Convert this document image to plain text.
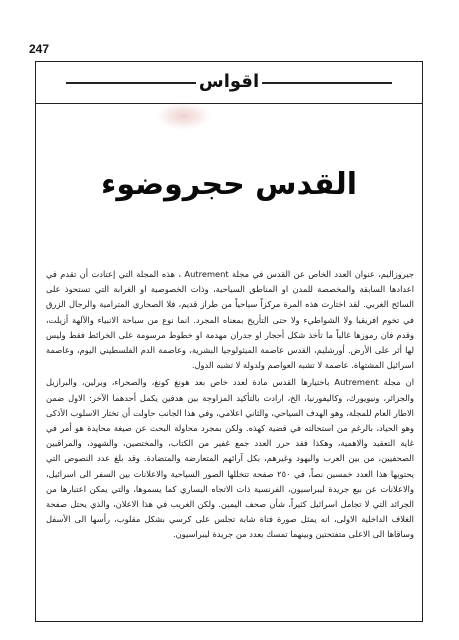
247
اقواس
القدس حجروضوء

جيروزاليم، عنوان العدد الخاص عن القدس في مجلة Autrement ، هذه المجلة التي إعتادت أن تقدم في اعدادها السابقة والمخصصة للمدن او المناطق السياحية، وذات الخصوصية او الغرابة التي تستحوذ على السائح الغربي. لقد اختارت هذه المرة مركزاً سياحياً من طراز قديم، فلا الصحاري المترامية والرجال الزرق في تخوم افريقيا ولا الشواطيء ولا حتى التأريخ بمعناه المجرد. انما نوع من سياحة الانبياء والآلهة أزيلت، وقدم فان رموزها غالباً ما تأخذ شكل أحجار او جدران مهدمة او خطوط مرسومة على الخرائط فقط وليس لها أثر على الأرض. أورشليم، القدس عاصمة الميثولوجيا البشرية، وعاصمة الدم الفلسطيني اليوم، وعاصمة اسرائيل المشتهاة. عاصمة لا تشبه العواصم ولدولة لا تشبه الدول.

ان مجلة Autrement باختيارها القدس مادة لعدد خاص بعد هونغ كونغ، والصحراء، وبرلين، والبرازيل والجزائر، ونيويورك، وكاليفورنيا، الخ، ارادت بالتأكيد المزاوجة بين هدفين يكمل أحدهما الآخر: الاول ضمن الاطار العام للمجلة، وهو الهدف السياحي، والثاني اعلامي، وفي هذا الجانب حاولت أن تختار الاسلوب الأذكى وهو الحياد، بالرغم من استحالته في قضية كهذه. ولكن بمجرد محاولة البحث عن صيغة محايدة هو أمر في غاية التعقيد والاهمية، وهكذا فقد حرر العدد جمع غفير من الكتاب، والمختصين، والشهود، والمراقبين الصحفيين، من بين العرب واليهود وغيرهم، بكل آرائهم المتعارضة والمتضادة. وقد بلغ عدد النصوص التي يحتويها هذا العدد خمسين نصاً، في ٢٥٠ صفحة تتخللها الصور السياحية والاعلانات بين السفر الى اسرائيل، والاعلانات عن بيع جريدة ليبراسيون، الفرنسية ذات الاتجاه اليساري كما يسموها، والتي يمكن اعتبارها من الجرائد التي لا تجامل اسرائيل كثيراً، شأن صحف اليمين. ولكن الغريب في هذا الاعلان، والذي يحتل صفحة الغلاف الداخلية الاولى، انه يمثل صورة فتاة شابة تجلس على كرسي بشكل مقلوب، رأسها الى الأسفل وساقاها الى الاعلى متفتحتين وبينهما تمسك بعدد من جريدة ليبراسيون.
